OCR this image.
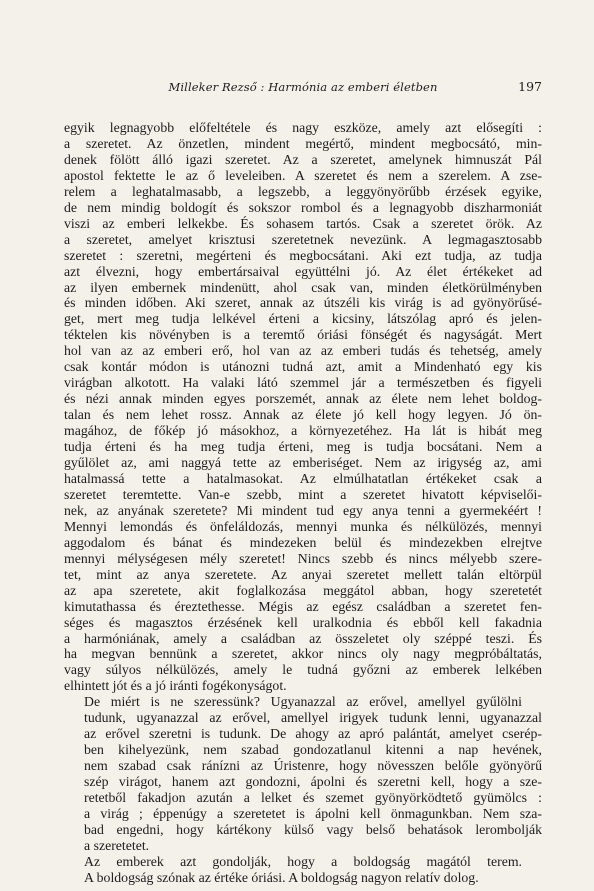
Milleker Rezső : Harmónia az emberi életben	197

egyik legnagyobb előfeltétele és nagy eszköze, amely azt elősegíti :
a szeretet. Az önzetlen, mindent megértő, mindent megbocsátó, min-
denek fölött álló igazi szeretet. Az a szeretet, amelynek himnuszát Pál
apostol fektette le az ő leveleiben. A szeretet és nem a szerelem. A zse-
relem a leghatalmasabb, a legszebb, a leggyönyörűbb érzések egyike,
de nem mindig boldogít és sokszor rombol és a legnagyobb diszharmoniát
viszi az emberi lelkekbe. És sohasem tartós. Csak a szeretet örök. Az
a szeretet, amelyet krisztusi szeretetnek nevezünk. A legmagasztosabb
szeretet : szeretni, megérteni és megbocsátani. Aki ezt tudja, az tudja
azt élvezni, hogy embertársaival együttélni jó. Az élet értékeket ad
az ilyen embernek mindenütt, ahol csak van, minden életkörülményben
és minden időben. Aki szeret, annak az útszéli kis virág is ad gyönyörűsé-
get, mert meg tudja lelkével érteni a kicsiny, látszólag apró és jelen-
téktelen kis növényben is a teremtő óriási fönségét és nagyságát. Mert
hol van az az emberi erő, hol van az az emberi tudás és tehetség, amely
csak kontár módon is utánozni tudná azt, amit a Mindenható egy kis
virágban alkotott. Ha valaki látó szemmel jár a természetben és figyeli
és nézi annak minden egyes porszemét, annak az élete nem lehet boldog-
talan és nem lehet rossz. Annak az élete jó kell hogy legyen. Jó ön-
magához, de főkép jó másokhoz, a környezetéhez. Ha lát is hibát meg
tudja érteni és ha meg tudja érteni, meg is tudja bocsátani. Nem a
gyűlölet az, ami naggyá tette az emberiséget. Nem az irigység az, ami
hatalmassá tette a hatalmasokat. Az elmúlhatatlan értékeket csak a
szeretet teremtette. Van-e szebb, mint a szeretet hivatott képviselői-
nek, az anyának szeretete? Mi mindent tud egy anya tenni a gyermekéért !
Mennyi lemondás és önfeláldozás, mennyi munka és nélkülözés, mennyi
aggodalom és bánat és mindezeken belül és mindezekben elrejtve
mennyi mélységesen mély szeretet! Nincs szebb és nincs mélyebb szere-
tet, mint az anya szeretete. Az anyai szeretet mellett talán eltörpül
az apa szeretete, akit foglalkozása meggátol abban, hogy szeretetét
kimutathassa és éreztethesse. Mégis az egész családban a szeretet fen-
séges és magasztos érzésének kell uralkodnia és ebből kell fakadnia
a harmóniának, amely a családban az összeletet oly széppé teszi. És
ha megvan bennünk a szeretet, akkor nincs oly nagy megpróbáltatás,
vagy súlyos nélkülözés, amely le tudná győzni az emberek lelkében
elhintett jót és a jó iránti fogékonyságot.

De miért is ne szeressünk? Ugyanazzal az erővel, amellyel gyűlölni
tudunk, ugyanazzal az erővel, amellyel irigyek tudunk lenni, ugyanazzal
az erővel szeretni is tudunk. De ahogy az apró palántát, amelyet cserép-
ben kihelyezünk, nem szabad gondozatlanul kitenni a nap hevének,
nem szabad csak ránízni az Úristenre, hogy növesszen belőle gyönyörű
szép virágot, hanem azt gondozni, ápolni és szeretni kell, hogy a sze-
retetből fakadjon azután a lelket és szemet gyönyörködtető gyümölcs :
a virág ; éppenúgy a szeretetet is ápolni kell önmagunkban. Nem sza-
bad engedni, hogy kártékony külső vagy belső behatások lerombolják
a szeretetet.

Az emberek azt gondolják, hogy a boldogság magától terem.
A boldogság szónak az értéke óriási. A boldogság nagyon relatív dolog.
